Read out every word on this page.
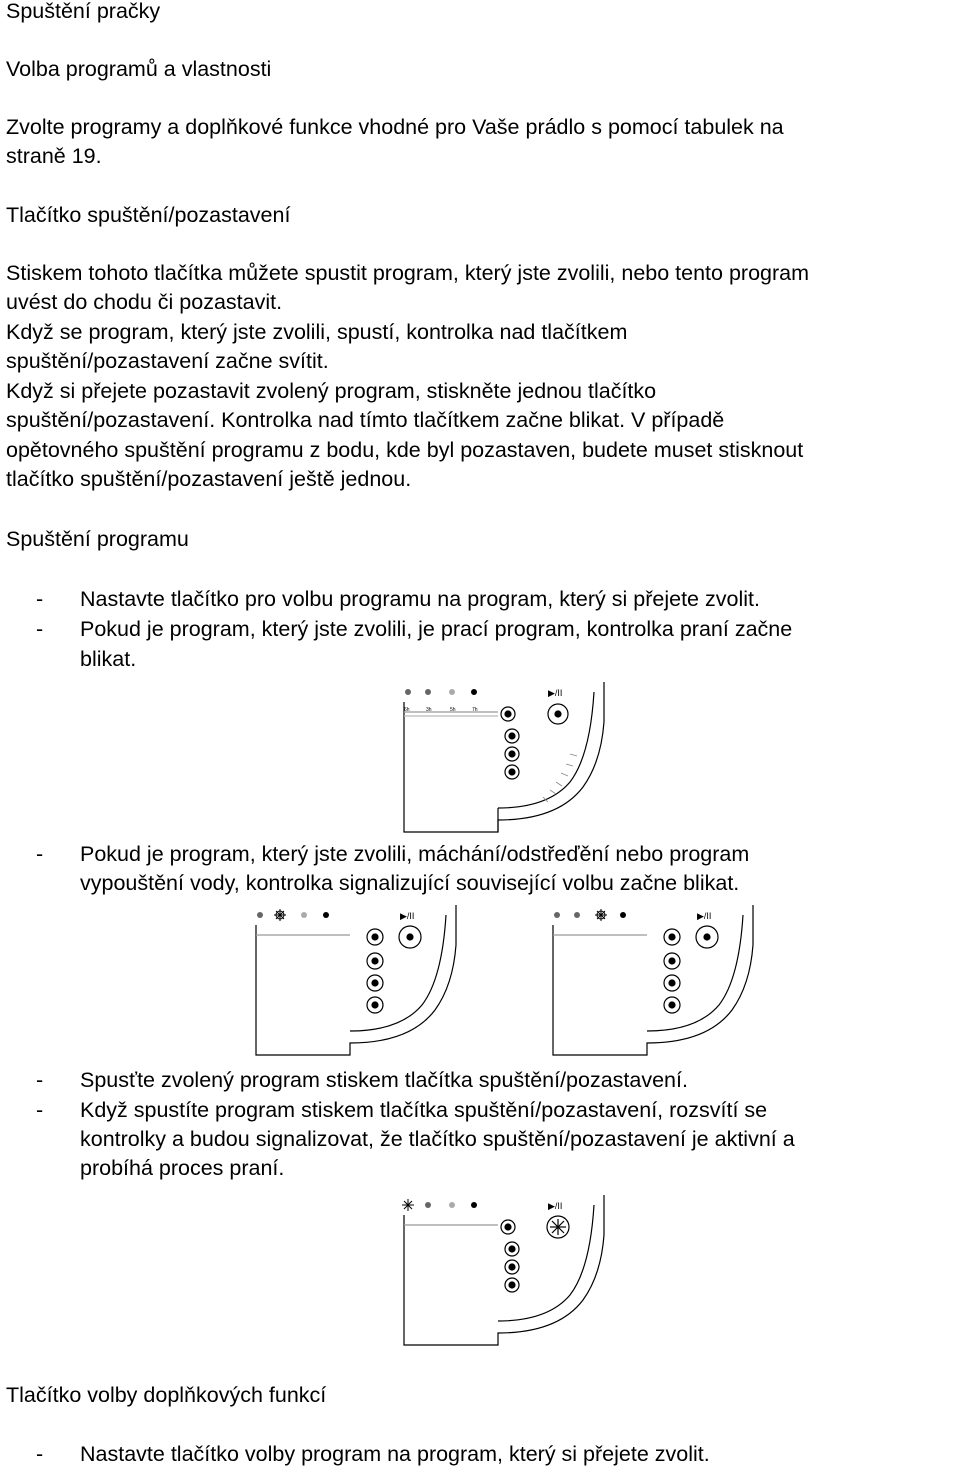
Spuštění pračky
Volba programů a vlastnosti
Zvolte programy a doplňkové funkce vhodné pro Vaše prádlo s pomocí tabulek na
straně 19.
Tlačítko spuštění/pozastavení
Stiskem tohoto tlačítka můžete spustit program, který jste zvolili, nebo tento program
uvést do chodu či pozastavit.
Když se program, který jste zvolili, spustí, kontrolka nad tlačítkem
spuštění/pozastavení začne svítit.
Když si přejete pozastavit zvolený program, stiskněte jednou tlačítko
spuštění/pozastavení. Kontrolka nad tímto tlačítkem začne blikat. V případě
opětovného spuštění programu z bodu, kde byl pozastaven, budete muset stisknout
tlačítko spuštění/pozastavení ještě jednou.
Spuštění programu
- Nastavte tlačítko pro volbu programu na program, který si přejete zvolit.
- Pokud je program, který jste zvolili, je prací program, kontrolka praní začne
blikat.
6h	3h	5h	7h
▶/II
- Pokud je program, který jste zvolili, máchání/odstřeďění nebo program
vypouštění vody, kontrolka signalizující související volbu začne blikat.
▶/II	▶/II
- Spusťte zvolený program stiskem tlačítka spuštění/pozastavení.
- Když spustíte program stiskem tlačítka spuštění/pozastavení, rozsvítí se
kontrolky a budou signalizovat, že tlačítko spuštění/pozastavení je aktivní a
probíhá proces praní.
▶/II
Tlačítko volby doplňkových funkcí
- Nastavte tlačítko volby program na program, který si přejete zvolit.
